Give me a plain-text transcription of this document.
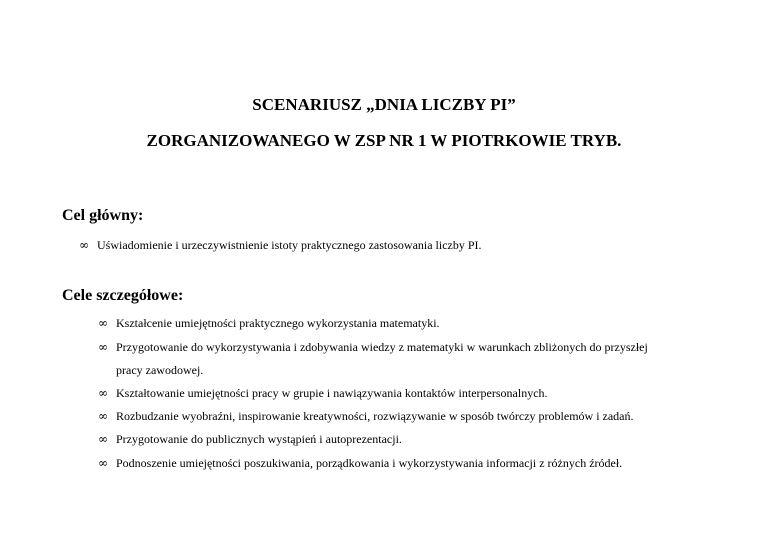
SCENARIUSZ „DNIA LICZBY PI”
ZORGANIZOWANEGO W ZSP NR 1 W PIOTRKOWIE TRYB.
Cel główny:
∞ Uświadomienie i urzeczywistnienie istoty praktycznego zastosowania liczby PI.
Cele szczegółowe:
∞ Kształcenie umiejętności praktycznego wykorzystania matematyki.
∞ Przygotowanie do wykorzystywania i zdobywania wiedzy z matematyki w warunkach zbliżonych do przyszłej
pracy zawodowej.
∞ Kształtowanie umiejętności pracy w grupie i nawiązywania kontaktów interpersonalnych.
∞ Rozbudzanie wyobraźni, inspirowanie kreatywności, rozwiązywanie w sposób twórczy problemów i zadań.
∞ Przygotowanie do publicznych wystąpień i autoprezentacji.
∞ Podnoszenie umiejętności poszukiwania, porządkowania i wykorzystywania informacji z różnych źródeł.
